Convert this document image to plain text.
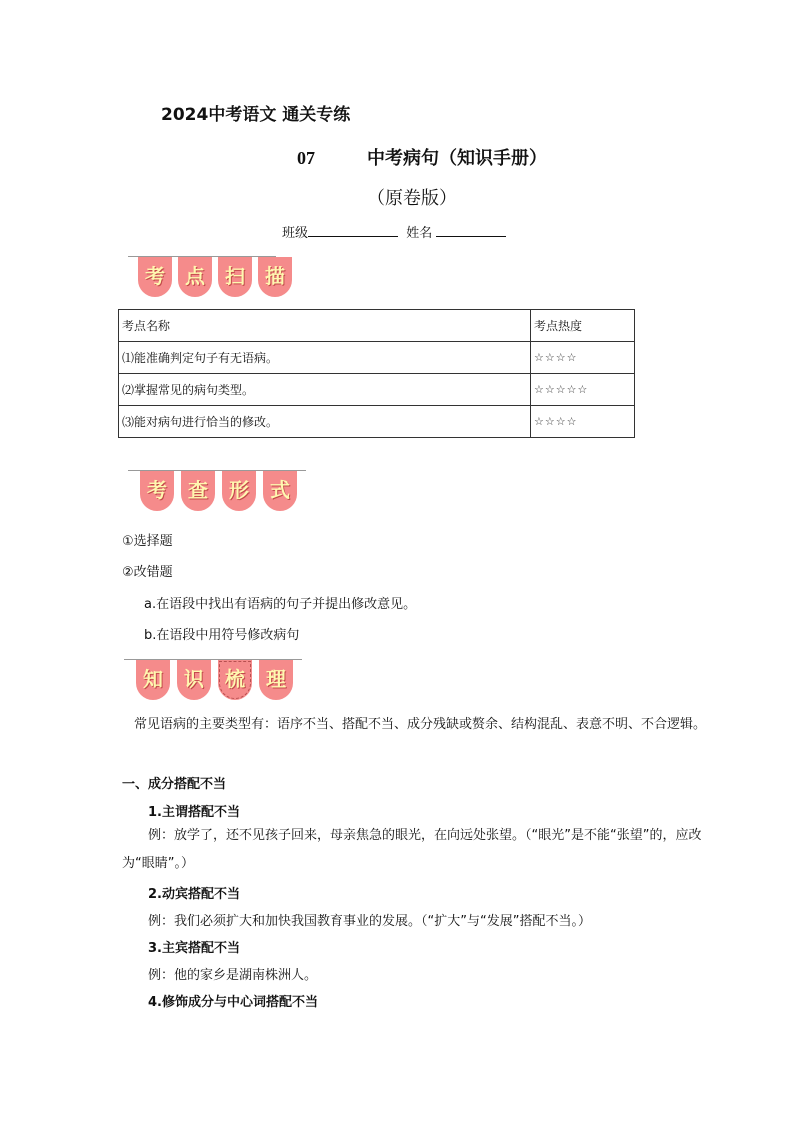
2024中考语文 通关专练
07	中考病句（知识手册）
（原卷版）
班级	姓名
考	点	扫	描
考点名称	考点热度
⑴能准确判定句子有无语病。	☆☆☆☆
⑵掌握常见的病句类型。	☆☆☆☆☆
⑶能对病句进行恰当的修改。	☆☆☆☆
考	查	形	式
①选择题
②改错题
a.在语段中找出有语病的句子并提出修改意见。
b.在语段中用符号修改病句
知	识	梳	理
常见语病的主要类型有：语序不当、搭配不当、成分残缺或赘余、结构混乱、表意不明、不合逻辑。
一、成分搭配不当
1.主谓搭配不当
例：放学了，还不见孩子回来，母亲焦急的眼光，在向远处张望。（“眼光”是不能“张望”的，应改为“眼睛”。）
2.动宾搭配不当
例：我们必须扩大和加快我国教育事业的发展。（“扩大”与“发展”搭配不当。）
3.主宾搭配不当
例：他的家乡是湖南株洲人。
4.修饰成分与中心词搭配不当
